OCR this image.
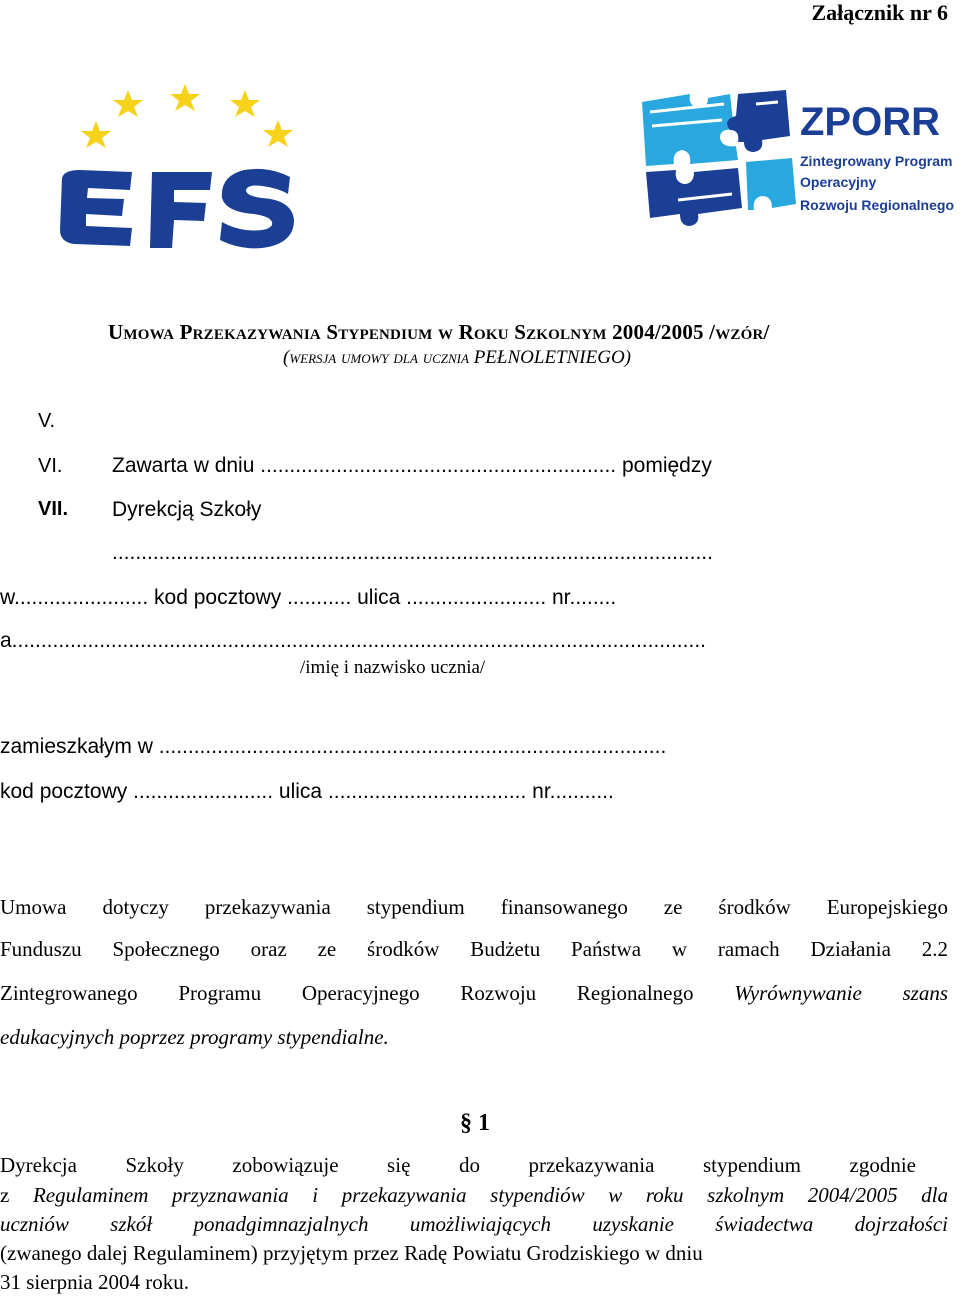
Załącznik nr 6
ZPORR
Zintegrowany Program
Operacyjny
Rozwoju Regionalnego
Umowa Przekazywania Stypendium w Roku Szkolnym 2004/2005 /wzór/
(wersja umowy dla ucznia PEŁNOLETNIEGO)
V.
VI.
VII.
Zawarta w dniu ............................................................. pomiędzy
Dyrekcją Szkoły
.......................................................................................................
w....................... kod pocztowy ........... ulica ........................ nr........
a.......................................................................................................................
/imię i nazwisko ucznia/
zamieszkałym w .......................................................................................
kod pocztowy ........................ ulica .................................. nr...........
Umowa dotyczy przekazywania stypendium finansowanego ze środków Europejskiego
Funduszu Społecznego oraz ze środków Budżetu Państwa w ramach Działania 2.2
Zintegrowanego Programu Operacyjnego Rozwoju Regionalnego Wyrównywanie szans
edukacyjnych poprzez programy stypendialne.
§ 1
Dyrekcja Szkoły zobowiązuje się do przekazywania stypendium zgodnie
z Regulaminem przyznawania i przekazywania stypendiów w roku szkolnym 2004/2005 dla
uczniów szkół ponadgimnazjalnych umożliwiających uzyskanie świadectwa dojrzałości
(zwanego dalej Regulaminem) przyjętym przez Radę Powiatu Grodziskiego w dniu
31 sierpnia 2004 roku.
